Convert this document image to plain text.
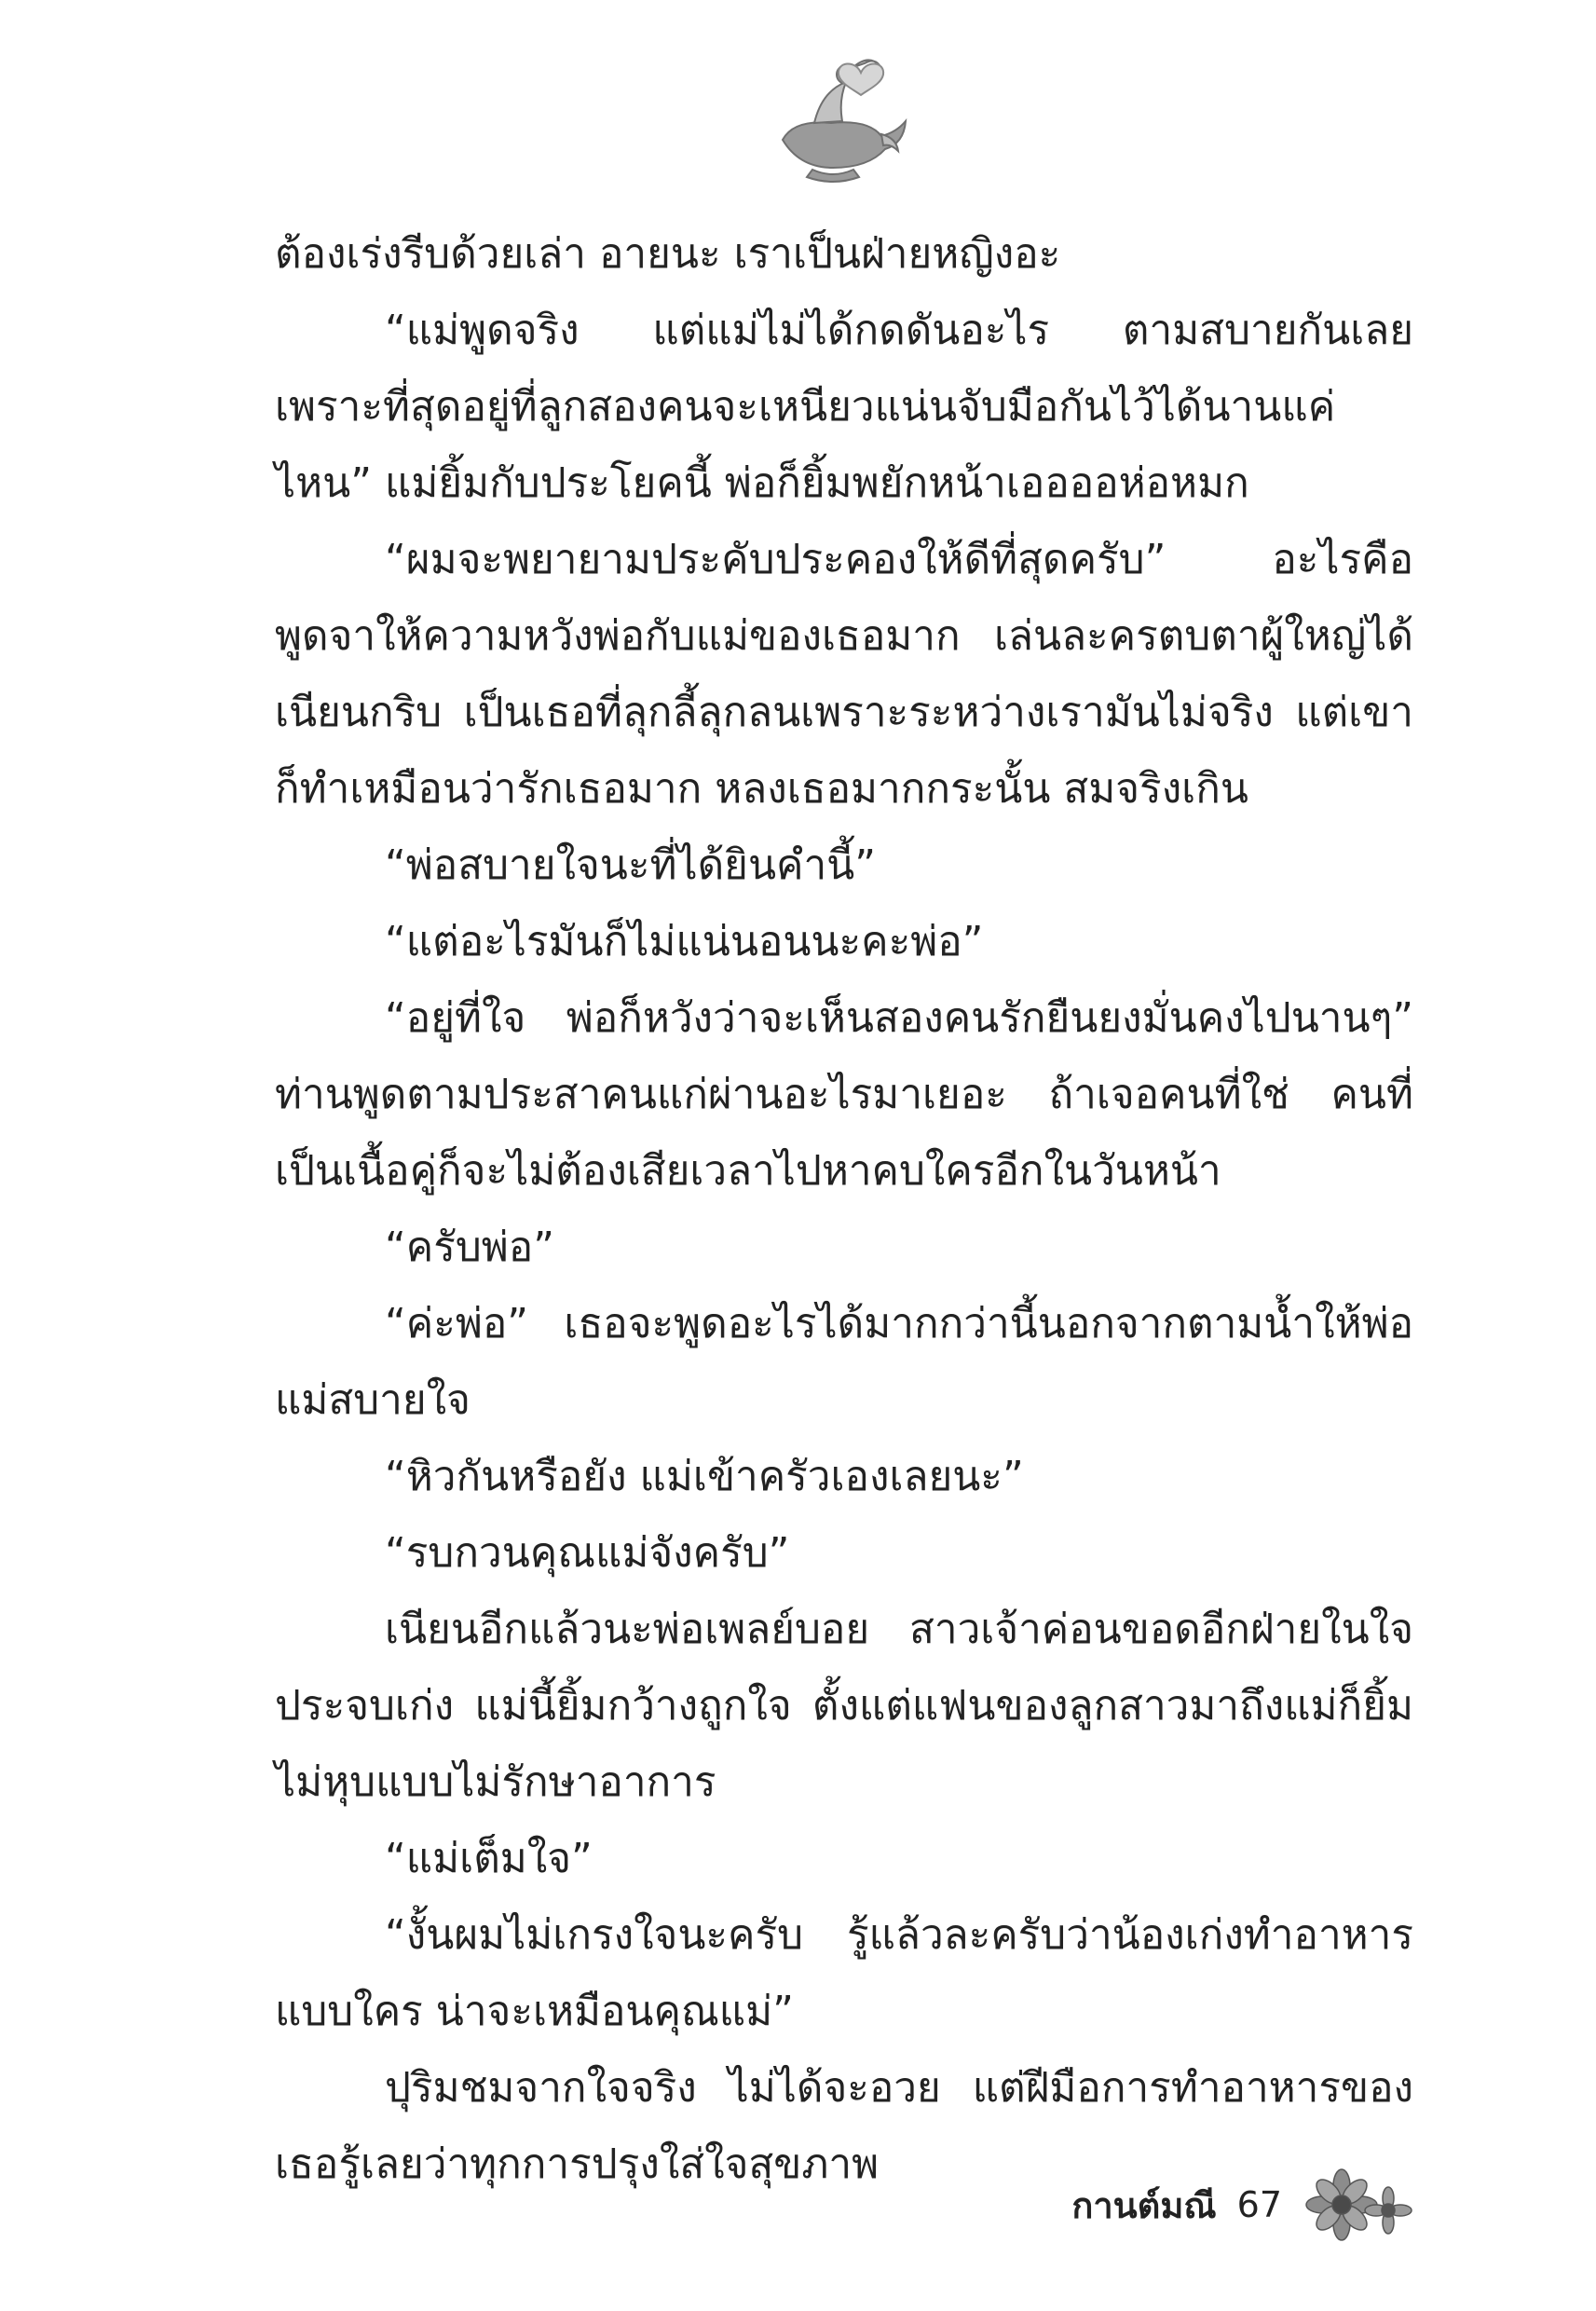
ต้องเร่งรีบด้วยเล่า อายนะ เราเป็นฝ่ายหญิงอะ

“แม่พูดจริง แต่แม่ไม่ได้กดดันอะไร ตามสบายกันเลย เพราะที่สุดอยู่ที่ลูกสองคนจะเหนียวแน่นจับมือกันไว้ได้นานแค่ไหน” แม่ยิ้มกับประโยคนี้ พ่อก็ยิ้มพยักหน้าเออออห่อหมก

“ผมจะพยายามประคับประคองให้ดีที่สุดครับ” อะไรคือพูดจาให้ความหวังพ่อกับแม่ของเธอมาก เล่นละครตบตาผู้ใหญ่ได้เนียนกริบ เป็นเธอที่ลุกลี้ลุกลนเพราะระหว่างเรามันไม่จริง แต่เขาก็ทำเหมือนว่ารักเธอมาก หลงเธอมากกระนั้น สมจริงเกิน

“พ่อสบายใจนะที่ได้ยินคำนี้”

“แต่อะไรมันก็ไม่แน่นอนนะคะพ่อ”

“อยู่ที่ใจ พ่อก็หวังว่าจะเห็นสองคนรักยืนยงมั่นคงไปนานๆ” ท่านพูดตามประสาคนแก่ผ่านอะไรมาเยอะ ถ้าเจอคนที่ใช่ คนที่เป็นเนื้อคู่ก็จะไม่ต้องเสียเวลาไปหาคบใครอีกในวันหน้า

“ครับพ่อ”

“ค่ะพ่อ” เธอจะพูดอะไรได้มากกว่านี้นอกจากตามน้ำให้พ่อแม่สบายใจ

“หิวกันหรือยัง แม่เข้าครัวเองเลยนะ”

“รบกวนคุณแม่จังครับ”

เนียนอีกแล้วนะพ่อเพลย์บอย สาวเจ้าค่อนขอดอีกฝ่ายในใจ ประจบเก่ง แม่นี้ยิ้มกว้างถูกใจ ตั้งแต่แฟนของลูกสาวมาถึงแม่ก็ยิ้มไม่หุบแบบไม่รักษาอาการ

“แม่เต็มใจ”

“งั้นผมไม่เกรงใจนะครับ รู้แล้วละครับว่าน้องเก่งทำอาหารแบบใคร น่าจะเหมือนคุณแม่”

ปุริมชมจากใจจริง ไม่ได้จะอวย แต่ฝีมือการทำอาหารของเธอรู้เลยว่าทุกการปรุงใส่ใจสุขภาพ

กานต์มณี 67
